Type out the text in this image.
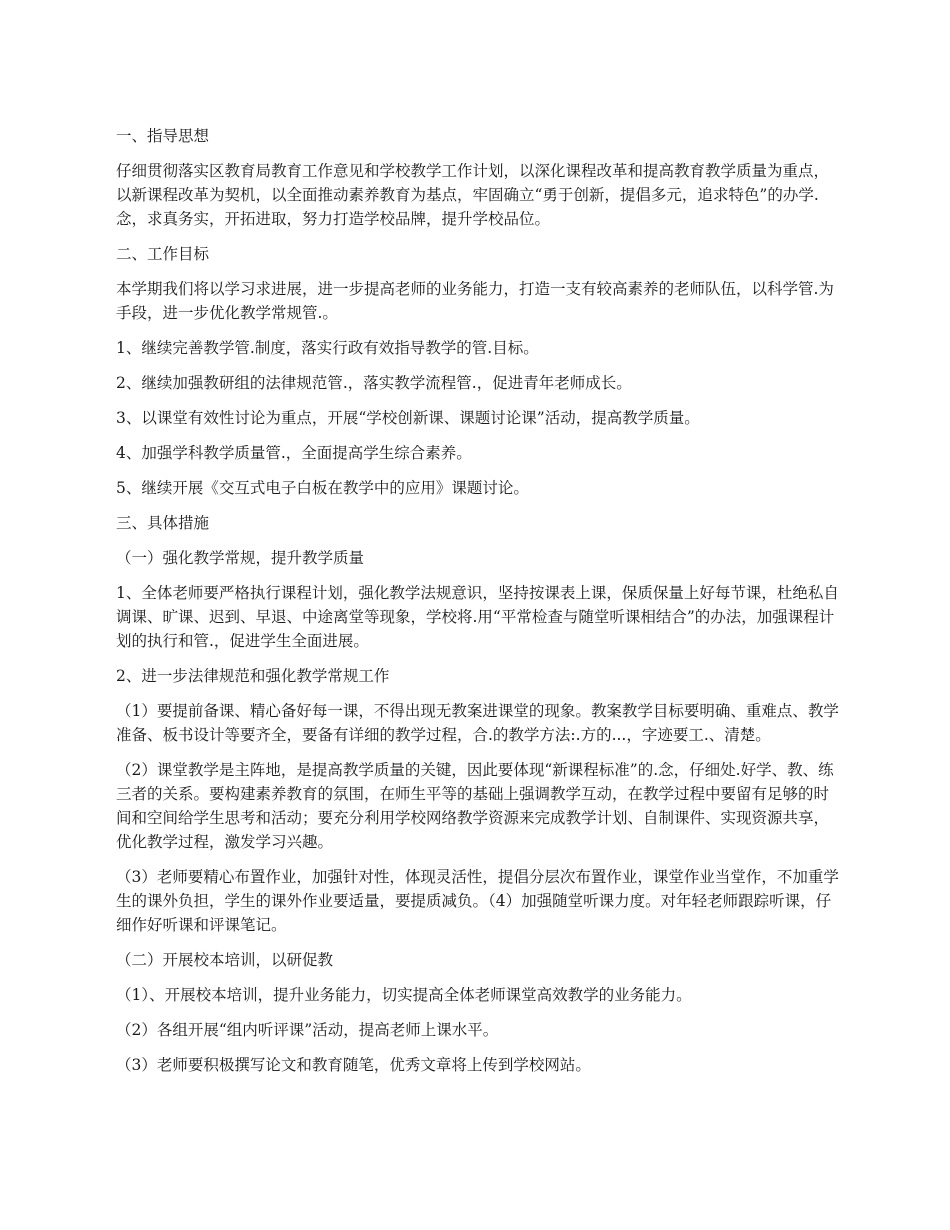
一、指导思想

仔细贯彻落实区教育局教育工作意见和学校教学工作计划，以深化课程改革和提高教育教学质量为重点，以新课程改革为契机，以全面推动素养教育为基点，牢固确立“勇于创新，提倡多元，追求特色”的办学.念，求真务实，开拓进取，努力打造学校品牌，提升学校品位。

二、工作目标

本学期我们将以学习求进展，进一步提高老师的业务能力，打造一支有较高素养的老师队伍，以科学管.为手段，进一步优化教学常规管.。

1、继续完善教学管.制度，落实行政有效指导教学的管.目标。

2、继续加强教研组的法律规范管.，落实教学流程管.，促进青年老师成长。

3、以课堂有效性讨论为重点，开展“学校创新课、课题讨论课”活动，提高教学质量。

4、加强学科教学质量管.，全面提高学生综合素养。

5、继续开展《交互式电子白板在教学中的应用》课题讨论。

三、具体措施

（一）强化教学常规，提升教学质量

1、全体老师要严格执行课程计划，强化教学法规意识，坚持按课表上课，保质保量上好每节课，杜绝私自调课、旷课、迟到、早退、中途离堂等现象，学校将.用“平常检查与随堂听课相结合”的办法，加强课程计划的执行和管.，促进学生全面进展。

2、进一步法律规范和强化教学常规工作

（1）要提前备课、精心备好每一课，不得出现无教案进课堂的现象。教案教学目标要明确、重难点、教学准备、板书设计等要齐全，要备有详细的教学过程，合.的教学方法:.方的...，字迹要工.、清楚。

（2）课堂教学是主阵地，是提高教学质量的关键，因此要体现“新课程标准”的.念，仔细处.好学、教、练三者的关系。要构建素养教育的氛围，在师生平等的基础上强调教学互动，在教学过程中要留有足够的时间和空间给学生思考和活动；要充分利用学校网络教学资源来完成教学计划、自制课件、实现资源共享，优化教学过程，激发学习兴趣。

（3）老师要精心布置作业，加强针对性，体现灵活性，提倡分层次布置作业，课堂作业当堂作，不加重学生的课外负担，学生的课外作业要适量，要提质减负。（4）加强随堂听课力度。对年轻老师跟踪听课，仔细作好听课和评课笔记。

（二）开展校本培训，以研促教

（1）、开展校本培训，提升业务能力，切实提高全体老师课堂高效教学的业务能力。

（2）各组开展“组内听评课”活动，提高老师上课水平。

（3）老师要积极撰写论文和教育随笔，优秀文章将上传到学校网站。
